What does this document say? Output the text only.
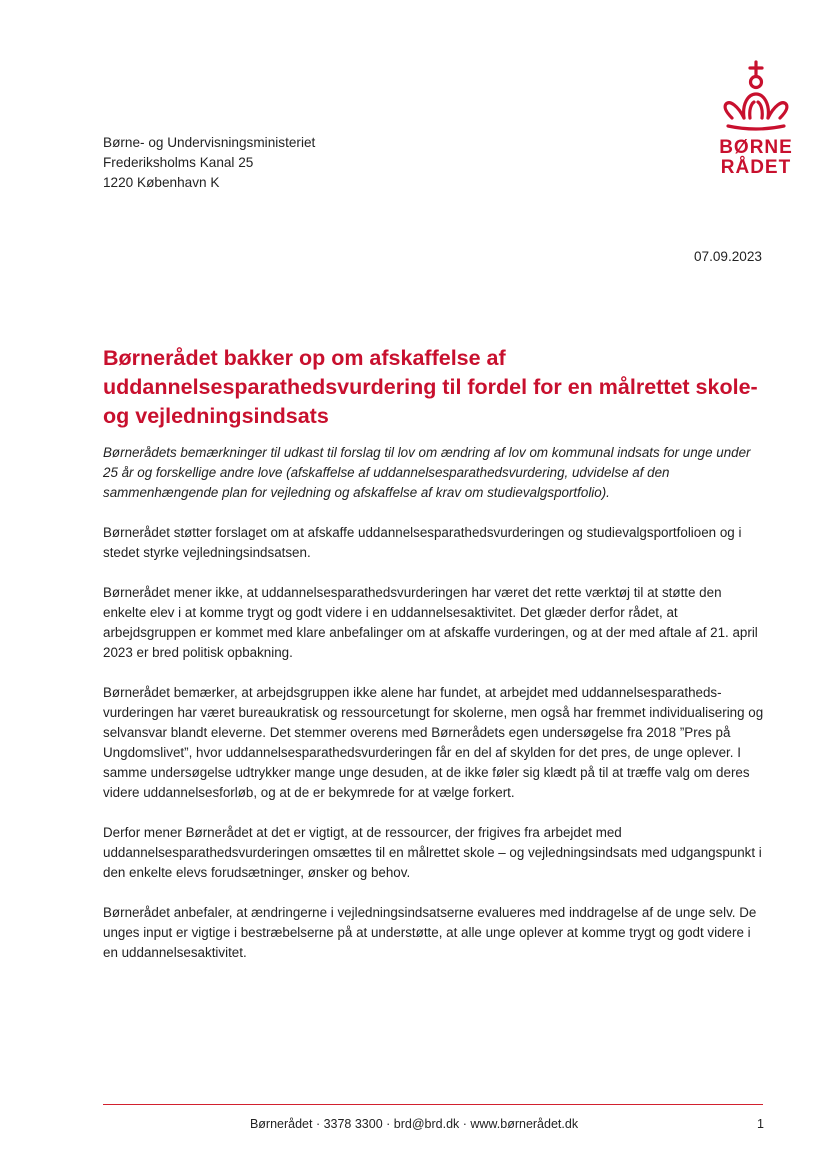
Børne- og Undervisningsministeriet
Frederiksholms Kanal 25
1220 København K
BØRNE
RÅDET
07.09.2023
Børnerådet bakker op om afskaffelse af uddannelsesparathedsvurdering til fordel for en målrettet skole- og vejledningsindsats

Børnerådets bemærkninger til udkast til forslag til lov om ændring af lov om kommunal indsats for unge under 25 år og forskellige andre love (afskaffelse af uddannelsesparathedsvurdering, udvidelse af den sammenhængende plan for vejledning og afskaffelse af krav om studievalgsportfolio).

Børnerådet støtter forslaget om at afskaffe uddannelsesparathedsvurderingen og studievalgsportfolioen og i stedet styrke vejledningsindsatsen.

Børnerådet mener ikke, at uddannelsesparathedsvurderingen har været det rette værktøj til at støtte den enkelte elev i at komme trygt og godt videre i en uddannelsesaktivitet. Det glæder derfor rådet, at arbejdsgruppen er kommet med klare anbefalinger om at afskaffe vurderingen, og at der med aftale af 21. april 2023 er bred politisk opbakning.

Børnerådet bemærker, at arbejdsgruppen ikke alene har fundet, at arbejdet med uddannelsesparathedsvurderingen har været bureaukratisk og ressourcetungt for skolerne, men også har fremmet individualisering og selvansvar blandt eleverne. Det stemmer overens med Børnerådets egen undersøgelse fra 2018 ”Pres på Ungdomslivet”, hvor uddannelsesparathedsvurderingen får en del af skylden for det pres, de unge oplever. I samme undersøgelse udtrykker mange unge desuden, at de ikke føler sig klædt på til at træffe valg om deres videre uddannelsesforløb, og at de er bekymrede for at vælge forkert.

Derfor mener Børnerådet at det er vigtigt, at de ressourcer, der frigives fra arbejdet med uddannelsesparathedsvurderingen omsættes til en målrettet skole – og vejledningsindsats med udgangspunkt i den enkelte elevs forudsætninger, ønsker og behov.

Børnerådet anbefaler, at ændringerne i vejledningsindsatserne evalueres med inddragelse af de unge selv. De unges input er vigtige i bestræbelserne på at understøtte, at alle unge oplever at komme trygt og godt videre i en uddannelsesaktivitet.

Børnerådet · 3378 3300 · brd@brd.dk · www.børnerådet.dk	1
